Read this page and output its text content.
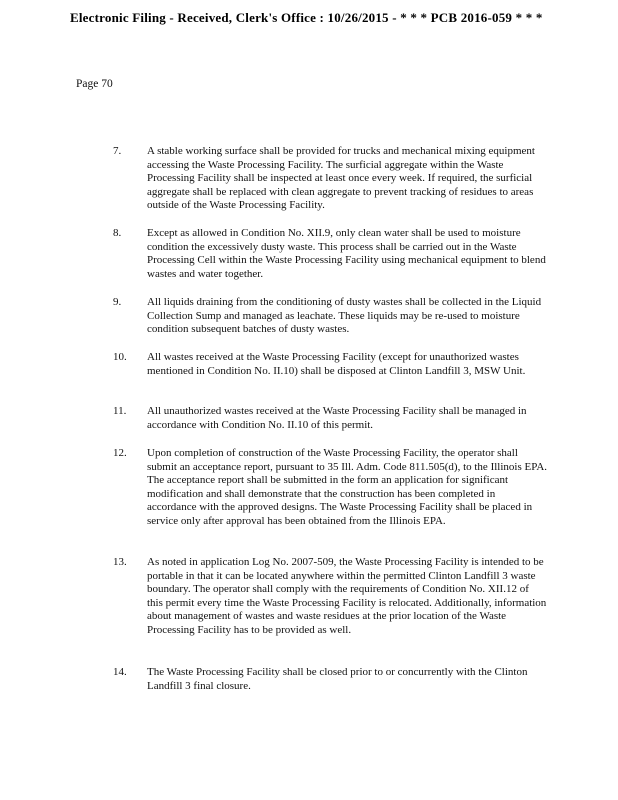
Electronic Filing - Received, Clerk's Office : 10/26/2015 - * * * PCB 2016-059 * * *
Page 70
7.	A stable working surface shall be provided for trucks and mechanical mixing equipment accessing the Waste Processing Facility. The surficial aggregate within the Waste Processing Facility shall be inspected at least once every week. If required, the surficial aggregate shall be replaced with clean aggregate to prevent tracking of residues to areas outside of the Waste Processing Facility.
8.	Except as allowed in Condition No. XII.9, only clean water shall be used to moisture condition the excessively dusty waste. This process shall be carried out in the Waste Processing Cell within the Waste Processing Facility using mechanical equipment to blend wastes and water together.
9.	All liquids draining from the conditioning of dusty wastes shall be collected in the Liquid Collection Sump and managed as leachate. These liquids may be re-used to moisture condition subsequent batches of dusty wastes.
10.	All wastes received at the Waste Processing Facility (except for unauthorized wastes mentioned in Condition No. II.10) shall be disposed at Clinton Landfill 3, MSW Unit.
11.	All unauthorized wastes received at the Waste Processing Facility shall be managed in accordance with Condition No. II.10 of this permit.
12.	Upon completion of construction of the Waste Processing Facility, the operator shall submit an acceptance report, pursuant to 35 Ill. Adm. Code 811.505(d), to the Illinois EPA. The acceptance report shall be submitted in the form an application for significant modification and shall demonstrate that the construction has been completed in accordance with the approved designs. The Waste Processing Facility shall be placed in service only after approval has been obtained from the Illinois EPA.
13.	As noted in application Log No. 2007-509, the Waste Processing Facility is intended to be portable in that it can be located anywhere within the permitted Clinton Landfill 3 waste boundary. The operator shall comply with the requirements of Condition No. XII.12 of this permit every time the Waste Processing Facility is relocated. Additionally, information about management of wastes and waste residues at the prior location of the Waste Processing Facility has to be provided as well.
14.	The Waste Processing Facility shall be closed prior to or concurrently with the Clinton Landfill 3 final closure.
